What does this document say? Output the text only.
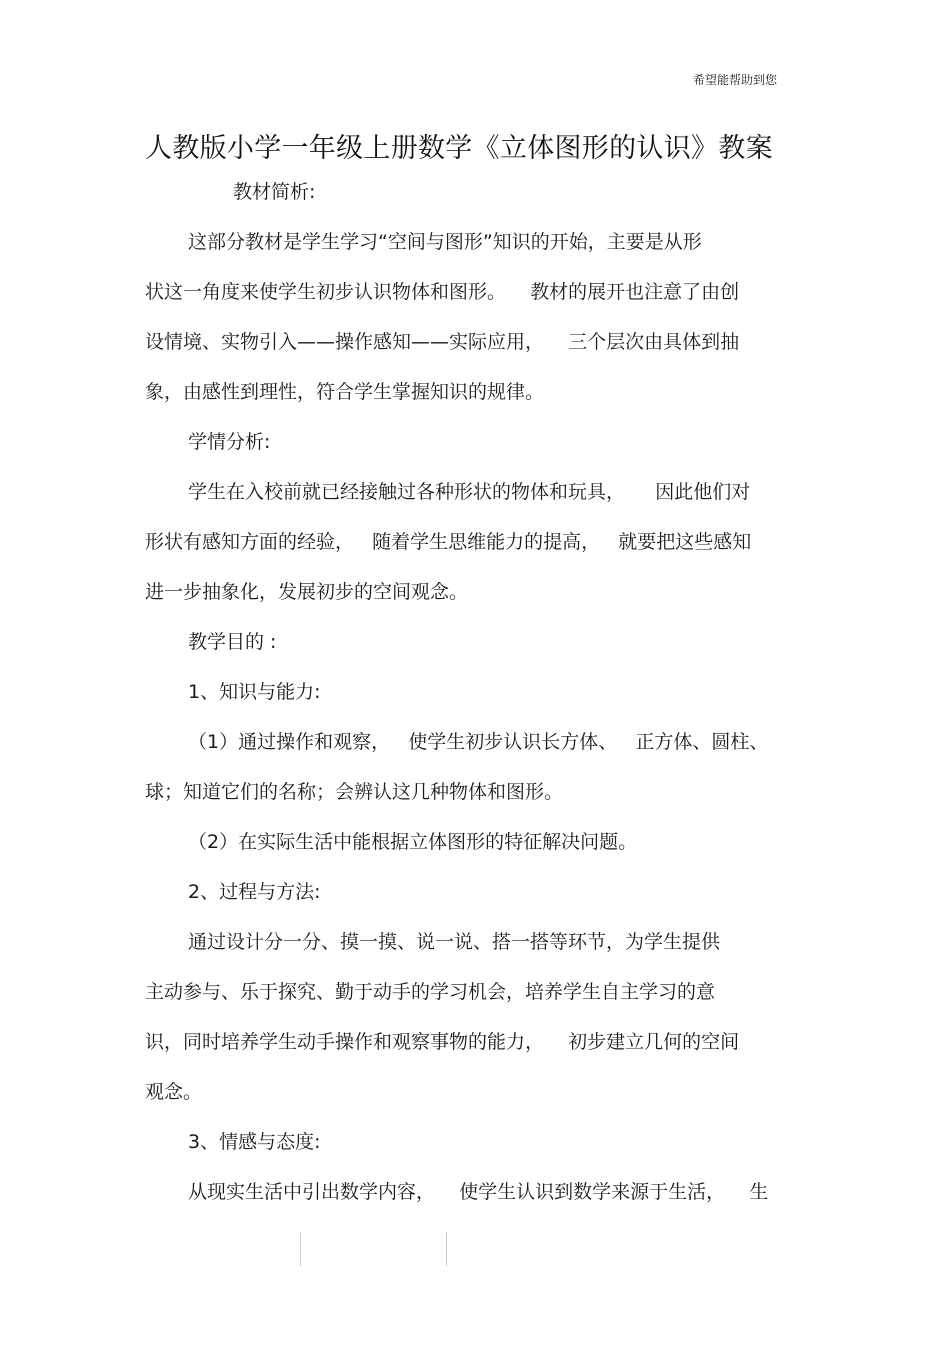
希望能帮助到您
人教版小学一年级上册数学《立体图形的认识》教案
教材简析:
这部分教材是学生学习“空间与图形”知识的开始，主要是从形
状这一角度来使学生初步认识物体和图形。    教材的展开也注意了由创
设情境、实物引入——操作感知——实际应用，    三个层次由具体到抽
象，由感性到理性，符合学生掌握知识的规律。
学情分析:
学生在入校前就已经接触过各种形状的物体和玩具，     因此他们对
形状有感知方面的经验，   随着学生思维能力的提高，   就要把这些感知
进一步抽象化，发展初步的空间观念。
教学目的 :
1、知识与能力:
（1）通过操作和观察，   使学生初步认识长方体、   正方体、圆柱、
球；知道它们的名称；会辨认这几种物体和图形。
（2）在实际生活中能根据立体图形的特征解决问题。
2、过程与方法:
通过设计分一分、摸一摸、说一说、搭一搭等环节，为学生提供
主动参与、乐于探究、勤于动手的学习机会，培养学生自主学习的意
识，同时培养学生动手操作和观察事物的能力，    初步建立几何的空间
观念。
3、情感与态度:
从现实生活中引出数学内容，    使学生认识到数学来源于生活，    生
